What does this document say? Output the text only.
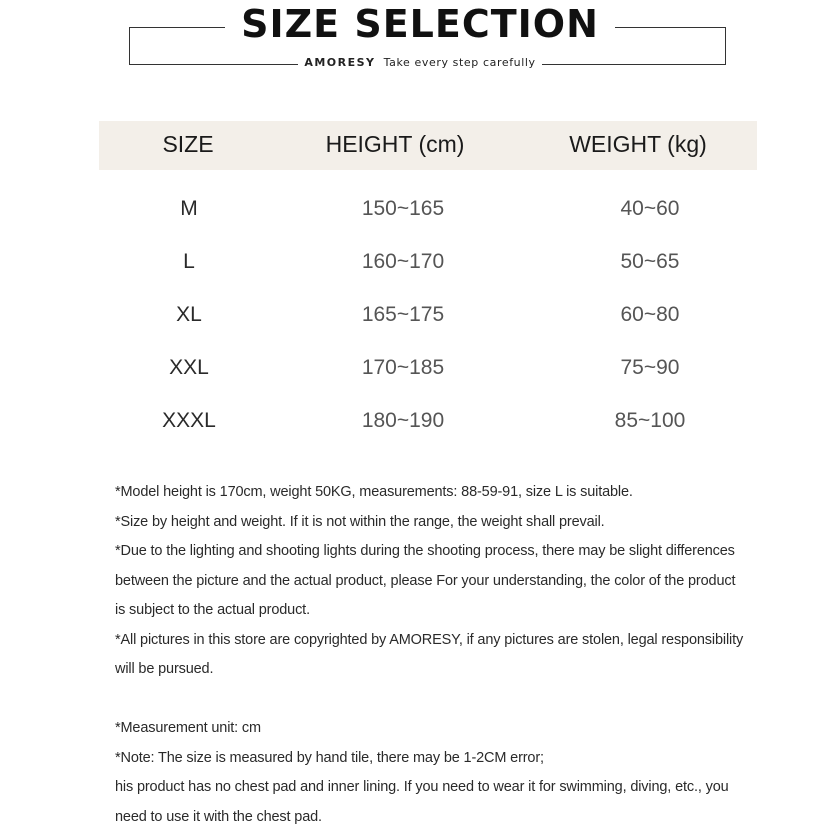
SIZE SELECTION
AMORESY Take every step carefully
SIZE	HEIGHT (cm)	WEIGHT (kg)
M	150~165	40~60
L	160~170	50~65
XL	165~175	60~80
XXL	170~185	75~90
XXXL	180~190	85~100
*Model height is 170cm, weight 50KG, measurements: 88-59-91, size L is suitable.
*Size by height and weight. If it is not within the range, the weight shall prevail.
*Due to the lighting and shooting lights during the shooting process, there may be slight differences
between the picture and the actual product, please For your understanding, the color of the product
is subject to the actual product.
*All pictures in this store are copyrighted by AMORESY, if any pictures are stolen, legal responsibility
will be pursued.
*Measurement unit: cm
*Note: The size is measured by hand tile, there may be 1-2CM error;
his product has no chest pad and inner lining. If you need to wear it for swimming, diving, etc., you
need to use it with the chest pad.
